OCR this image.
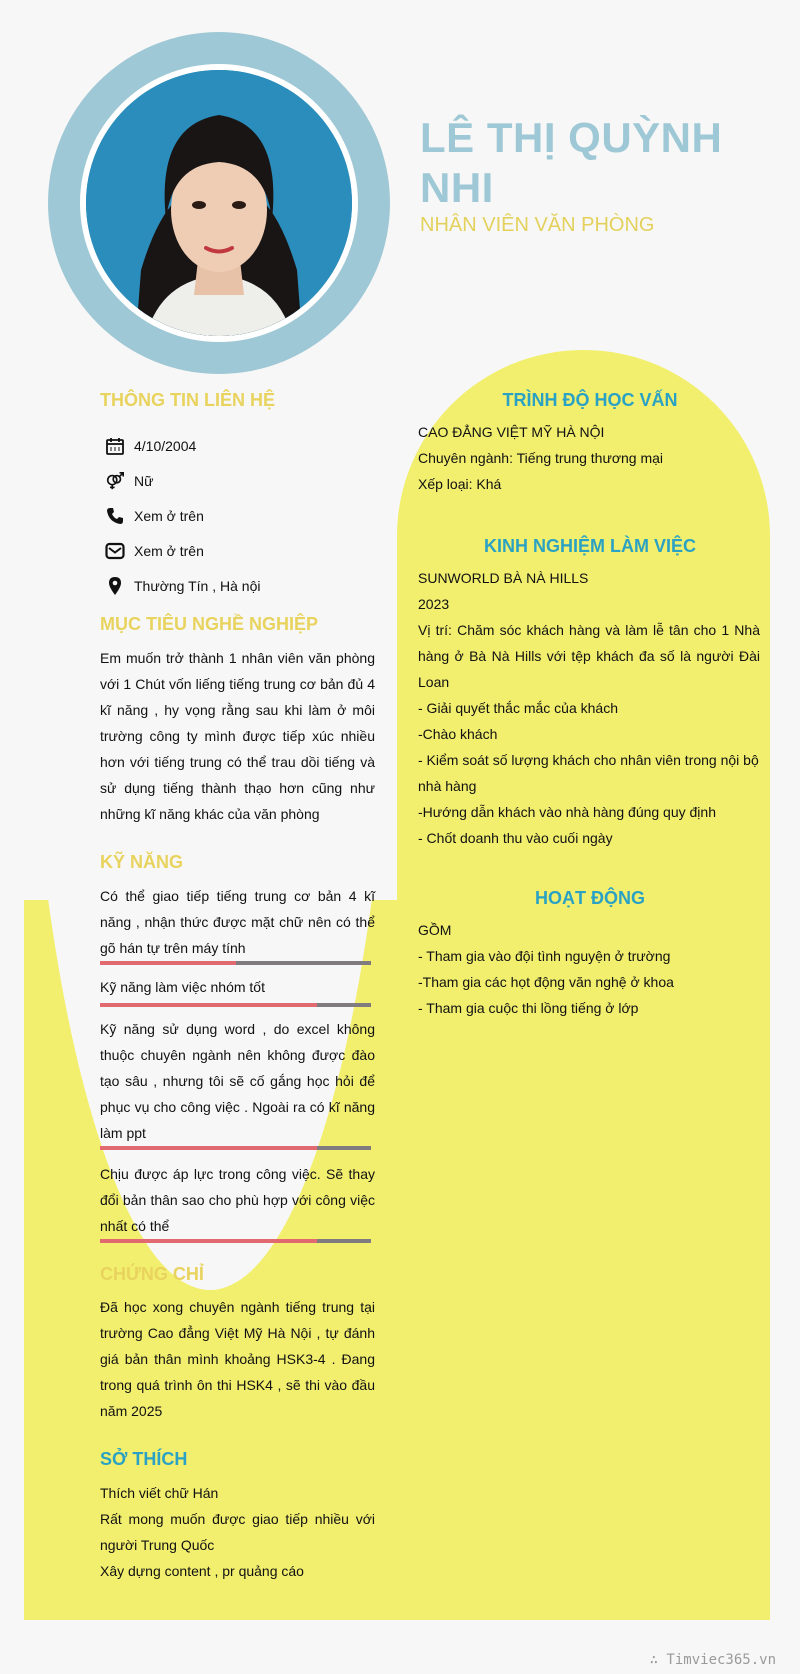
LÊ THỊ QUỲNH NHI
NHÂN VIÊN VĂN PHÒNG
THÔNG TIN LIÊN HỆ
4/10/2004
Nữ
Xem ở trên
Xem ở trên
Thường Tín , Hà nội
MỤC TIÊU NGHỀ NGHIỆP

Em muốn trở thành 1 nhân viên văn phòng với 1 Chút vốn liếng tiếng trung cơ bản đủ 4 kĩ năng , hy vọng rằng sau khi làm ở môi trường công ty mình được tiếp xúc nhiều hơn với tiếng trung có thể trau dồi tiếng và sử dụng tiếng thành thạo hơn cũng như những kĩ năng khác của văn phòng

KỸ NĂNG

Có thể giao tiếp tiếng trung cơ bản 4 kĩ năng , nhận thức được mặt chữ nên có thể gõ hán tự trên máy tính

Kỹ năng làm việc nhóm tốt

Kỹ năng sử dụng word , do excel không thuộc chuyên ngành nên không được đào tạo sâu , nhưng tôi sẽ cố gắng học hỏi để phục vụ cho công việc . Ngoài ra có kĩ năng làm ppt

Chịu được áp lực trong công việc. Sẽ thay đổi bản thân sao cho phù hợp với công việc nhất có thể

CHỨNG CHỈ

Đã học xong chuyên ngành tiếng trung tại trường Cao đẳng Việt Mỹ Hà Nội , tự đánh giá bản thân mình khoảng HSK3-4 . Đang trong quá trình ôn thi HSK4 , sẽ thi vào đầu năm 2025

SỞ THÍCH

Thích viết chữ Hán

Rất mong muốn được giao tiếp nhiều với người Trung Quốc

Xây dựng content , pr quảng cáo

TRÌNH ĐỘ HỌC VẤN

CAO ĐẲNG VIỆT MỸ HÀ NỘI

Chuyên ngành: Tiếng trung thương mại

Xếp loại: Khá

KINH NGHIỆM LÀM VIỆC

SUNWORLD BÀ NÀ HILLS

2023

Vị trí: Chăm sóc khách hàng và làm lễ tân cho 1 Nhà hàng ở Bà Nà Hills với tệp khách đa số là người Đài Loan

- Giải quyết thắc mắc của khách

-Chào khách

- Kiểm soát số lượng khách cho nhân viên trong nội bộ nhà hàng

-Hướng dẫn khách vào nhà hàng đúng quy định

- Chốt doanh thu vào cuối ngày

HOẠT ĐỘNG

GỒM

- Tham gia vào đội tình nguyện ở trường

-Tham gia các họt động văn nghệ ở khoa

- Tham gia cuộc thi lồng tiếng ở lớp

∴ Timviec365.vn
